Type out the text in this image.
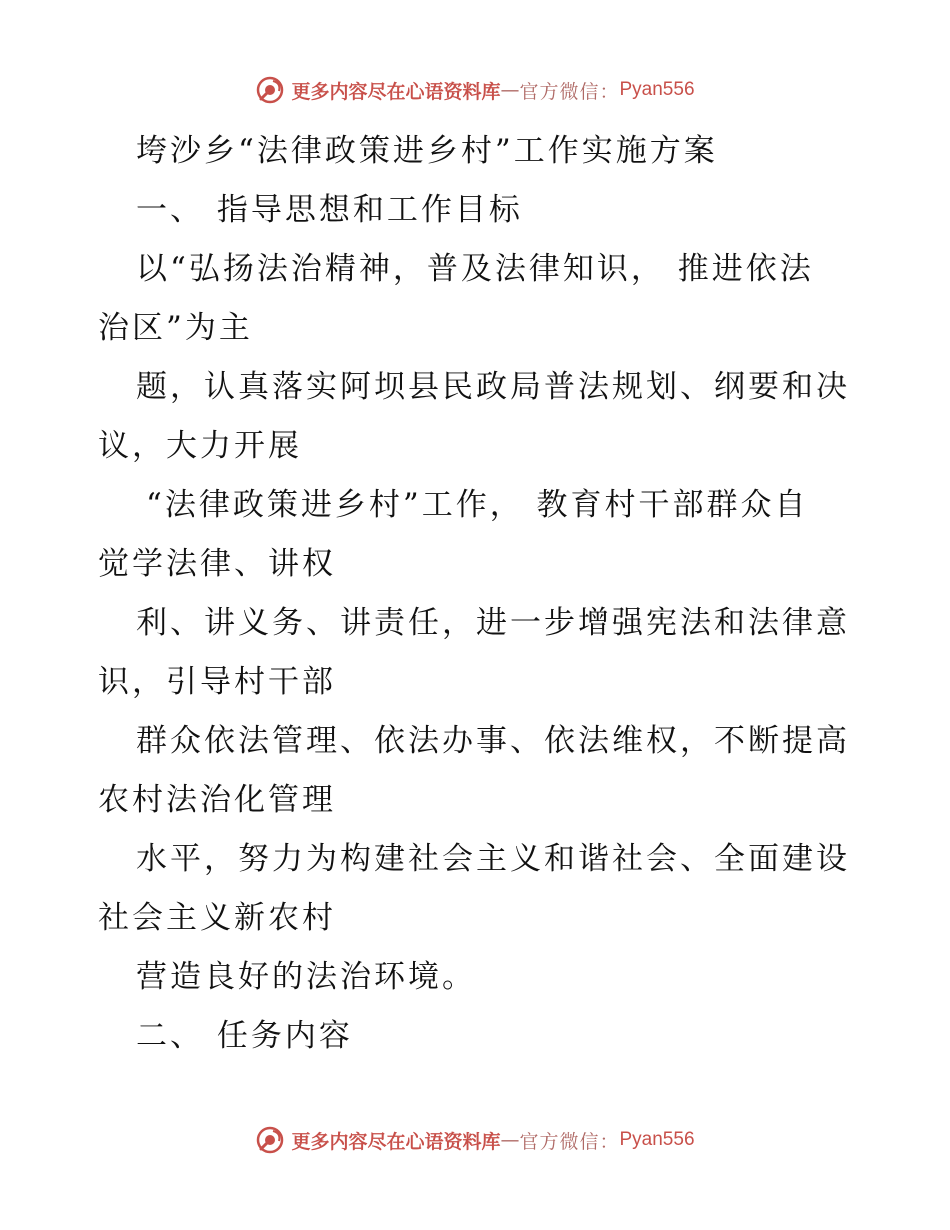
更多内容尽在心语资料库 — 官方微信： Pyan556
垮沙乡“法律政策进乡村”工作实施方案
一、 指导思想和工作目标
以“弘扬法治精神，普及法律知识， 推进依法
治区”为主
题，认真落实阿坝县民政局普法规划、纲要和决
议，大力开展
“法律政策进乡村”工作， 教育村干部群众自
觉学法律、讲权
利、讲义务、讲责任，进一步增强宪法和法律意
识，引导村干部
群众依法管理、依法办事、依法维权，不断提高
农村法治化管理
水平，努力为构建社会主义和谐社会、全面建设
社会主义新农村
营造良好的法治环境。
二、 任务内容
更多内容尽在心语资料库 — 官方微信： Pyan556
